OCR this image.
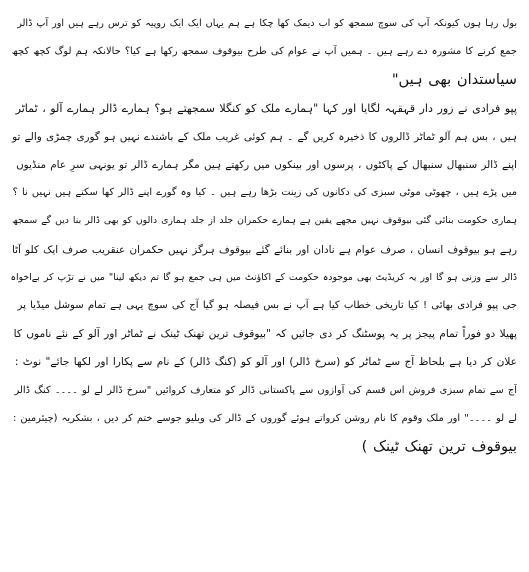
بول رہا ہوں کیونکہ آپ کی سوچ سمجھ کو اب دیمک کھا چکا ہے ہم یہاں ایک ایک روپیہ کو ترس رہے ہیں اور آپ ڈالر
جمع کرنے کا مشورہ دے رہے ہیں ۔ ہمیں آپ نے عوام کی طرح بیوقوف سمجھ رکھا ہے کیا؟ حالانکہ ہم لوگ کچھ کچھ
سیاستدان بھی ہیں"

پپو فرادی نے زور دار قہقہہ لگایا اور کہا "ہمارے ملک کو کنگلا سمجھتے ہو؟ ہمارے ڈالر ہمارے آلو ، ٹماٹر
ہیں ، بس ہم آلو ٹماٹر ڈالروں کا ذخیرہ کریں گے ۔ ہم کوئی غریب ملک کے باشندے نہیں ہو گوری چمڑی والے تو
اپنے ڈالر سنبھال سنبھال کے پاکٹوں ، پرسوں اور بینکوں میں رکھتے ہیں مگر ہمارے ڈالر تو یونہی سرِ عام منڈیوں
میں پڑے ہیں ، چھوٹی موٹی سبزی کی دکانوں کی زینت بڑھا رہے ہیں ۔ کیا وہ گورے اپنے ڈالر کھا سکتے ہیں نہیں نا ؟
ہماری حکومت بنائی گئی بیوقوف نہیں مجھے یقین ہے ہمارے حکمران جلد از جلد ہماری دالوں کو بھی ڈالر بنا دیں گے سمجھ
رہے ہو بیوقوف انسان ، صرف عوام ہے نادان اور بنائے گئے بیوقوف ہرگز نہیں حکمران عنقریب صرف ایک کلو آٹا
ڈالر سے وزنی ہو گا اور یہ کریڈیٹ بھی موجودہ حکومت کے اکاؤنٹ میں ہی جمع ہو گا تم دیکھ لینا" میں نے تڑپ کر بےاخواہ
جی پپو فرادی بھائی ! کیا تاریخی خطاب کیا ہے آپ نے بس فیصلہ ہو گیا آج کی سوچ یہی ہے تمام سوشل میڈیا پر
پھیلا دو فوراً تمام پیجز پر یہ پوسٹنگ کر دی جائیں کہ "بیوقوف ترین تھنک ٹینک نے ٹماٹر اور آلو کے نئے ناموں کا
علان کر دیا ہے بلحاظ آج سے ٹماٹر کو (سرخ ڈالر) اور آلو کو (کنگ ڈالر) کے نام سے پکارا اور لکھا جائے" نوٹ :
آج سے تمام سبزی فروش اس قسم کی آوازوں سے پاکستانی ڈالر کو متعارف کروائیں "سرخ ڈالر لے لو ۔۔۔۔ کنگ ڈالر
لے لو ۔۔۔۔" اور ملک وقوم کا نام روشن کرواتے ہوئے گوروں کے ڈالر کی ویلیو جوسے ختم کر دیں ، بشکریہ (چیئرمین :
بیوقوف ترین تھنک ٹینک )
